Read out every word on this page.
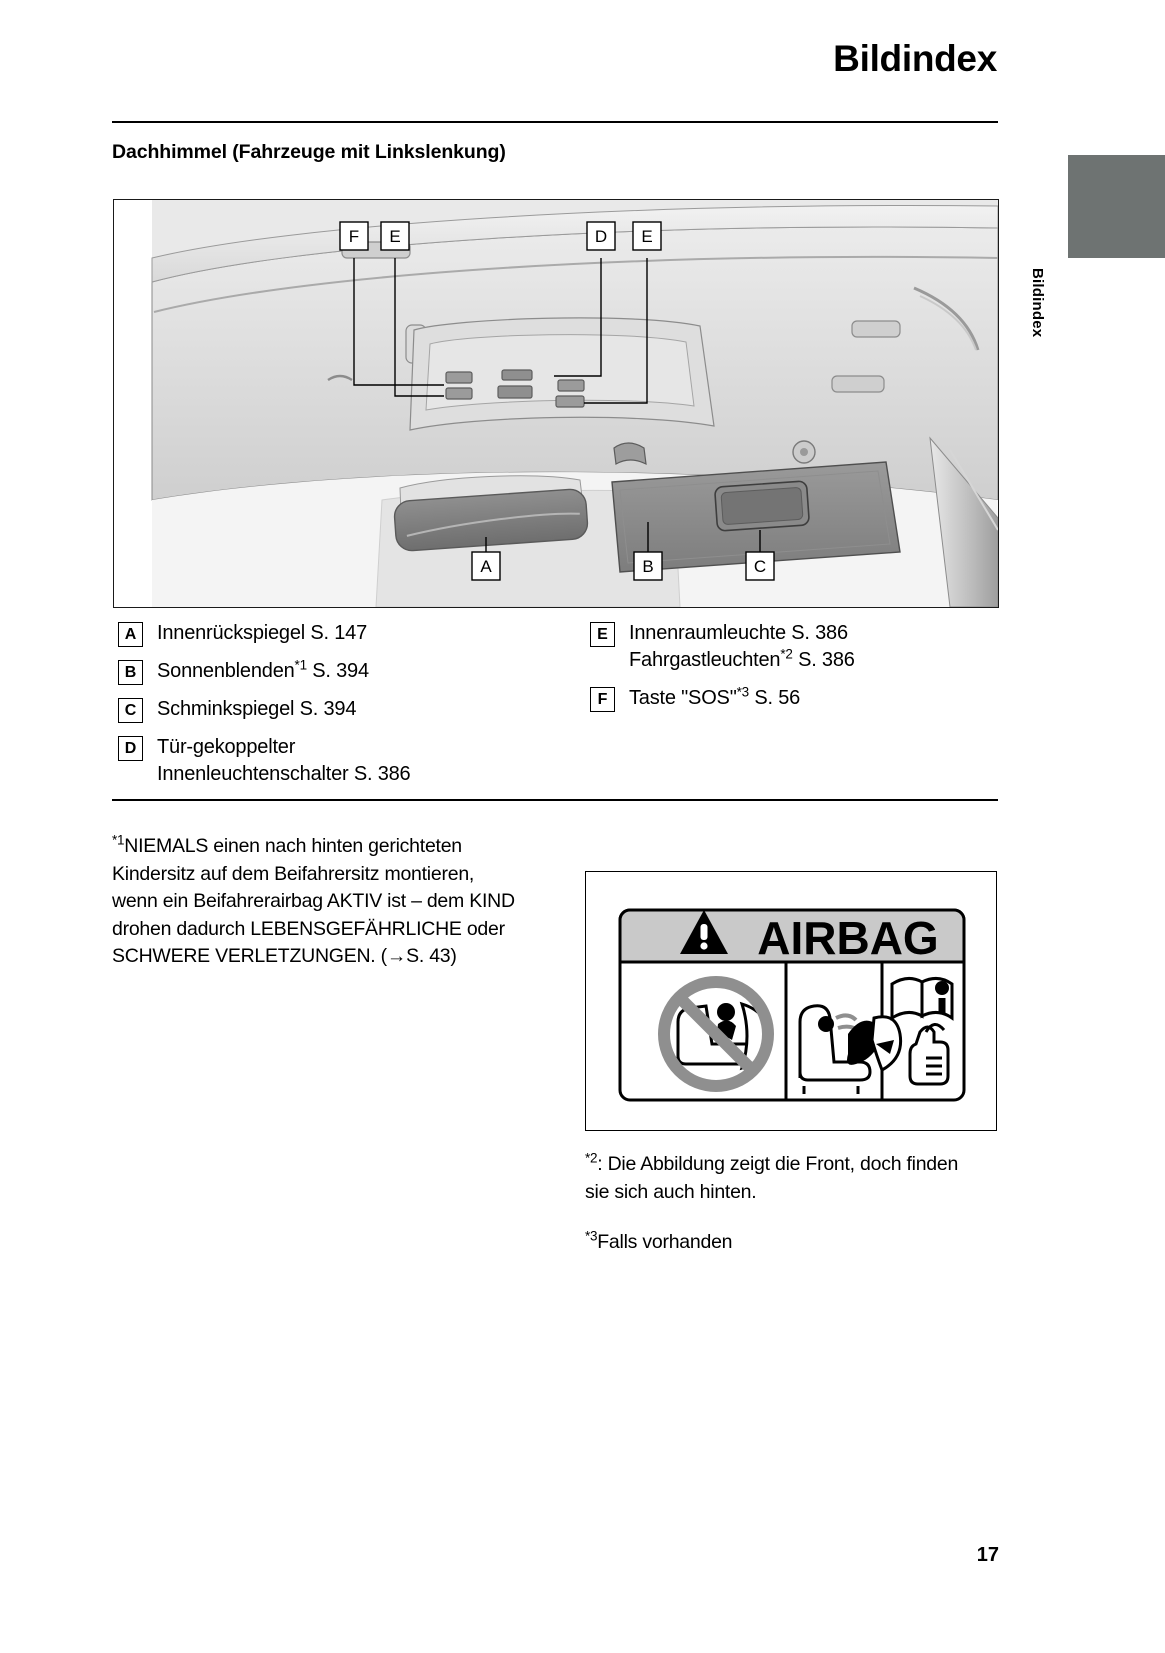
Bildindex
Dachhimmel (Fahrzeuge mit Linkslenkung)
Bildindex
F E	D E
A	B	C
A	Innenrückspiegel S. 147
B	Sonnenblenden$^{*1}$ S. 394
C	Schminkspiegel S. 394
D	Tür-gekoppelter
Innenleuchtenschalter S. 386
E	Innenraumleuchte S. 386
Fahrgastleuchten$^{*2}$ S. 386
F	Taste "SOS"$^{*3}$ S. 56
$^{*1}$NIEMALS einen nach hinten gerichteten Kindersitz auf dem Beifahrersitz montieren, wenn ein Beifahrerairbag AKTIV ist – dem KIND drohen dadurch LEBENSGEFÄHRLICHE oder SCHWERE VERLETZUNGEN. (→S. 43)	AIRBAG

$^{*2}$: Die Abbildung zeigt die Front, doch finden sie sich auch hinten.

$^{*3}$Falls vorhanden

17
